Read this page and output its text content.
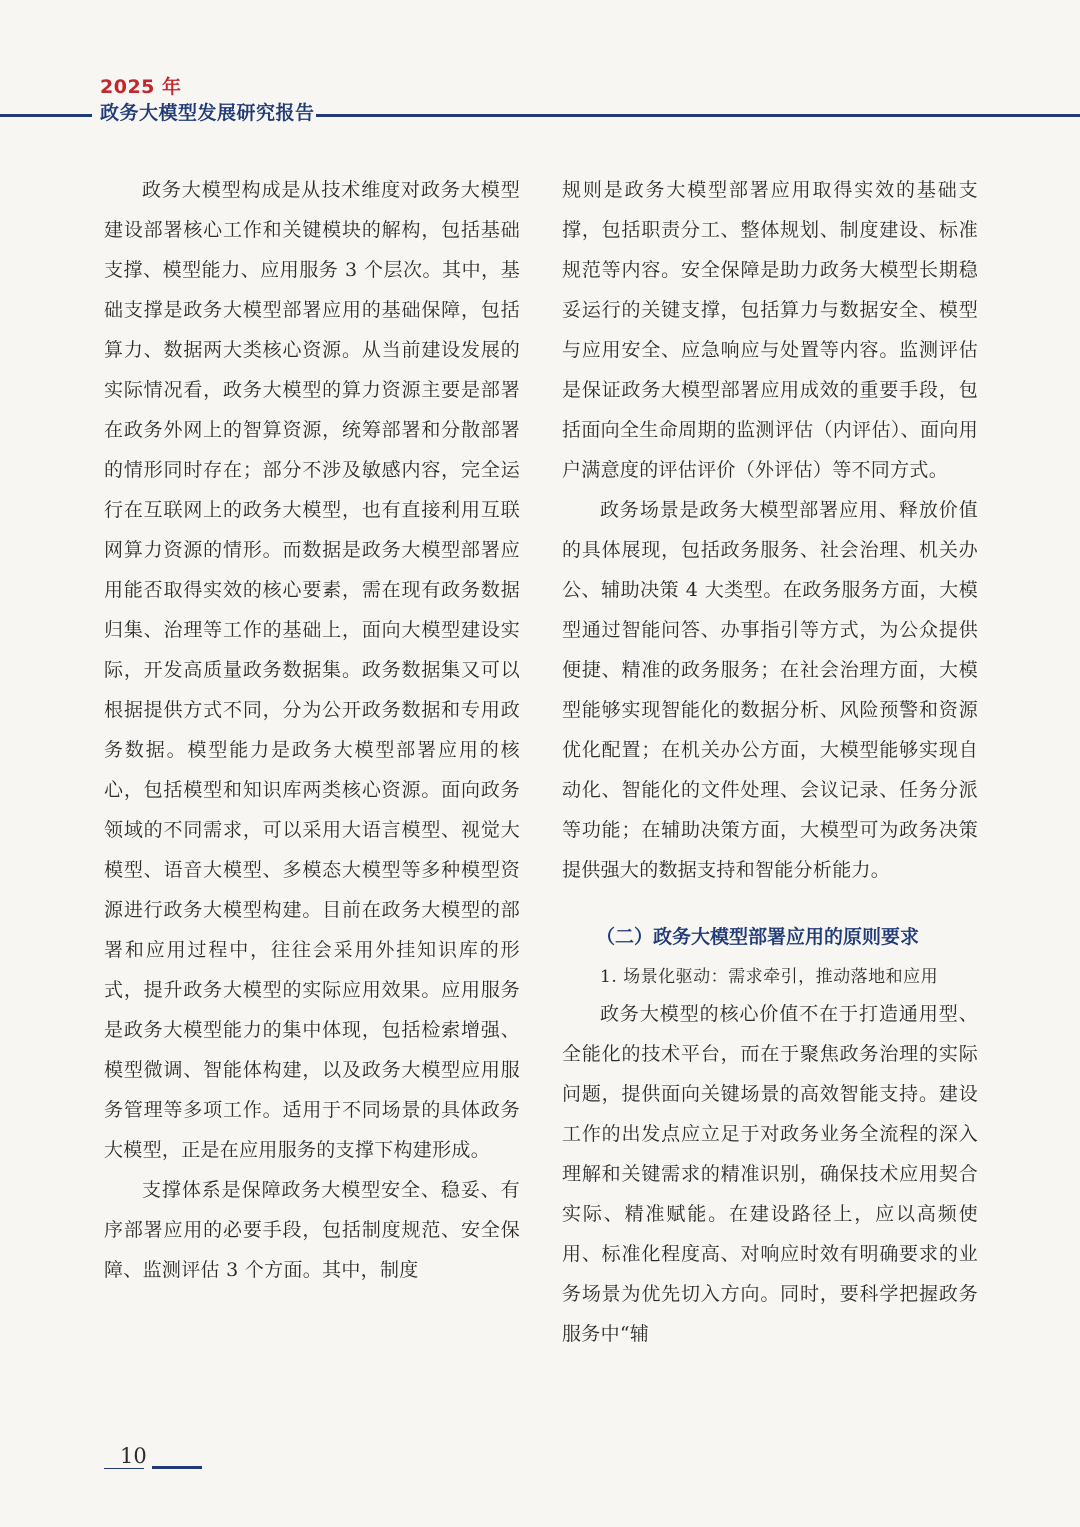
2025 年
政务大模型发展研究报告

政务大模型构成是从技术维度对政务大模型建设部署核心工作和关键模块的解构，包括基础支撑、模型能力、应用服务 3 个层次。其中，基础支撑是政务大模型部署应用的基础保障，包括算力、数据两大类核心资源。从当前建设发展的实际情况看，政务大模型的算力资源主要是部署在政务外网上的智算资源，统筹部署和分散部署的情形同时存在；部分不涉及敏感内容，完全运行在互联网上的政务大模型，也有直接利用互联网算力资源的情形。而数据是政务大模型部署应用能否取得实效的核心要素，需在现有政务数据归集、治理等工作的基础上，面向大模型建设实际，开发高质量政务数据集。政务数据集又可以根据提供方式不同，分为公开政务数据和专用政务数据。模型能力是政务大模型部署应用的核心，包括模型和知识库两类核心资源。面向政务领域的不同需求，可以采用大语言模型、视觉大模型、语音大模型、多模态大模型等多种模型资源进行政务大模型构建。目前在政务大模型的部署和应用过程中，往往会采用外挂知识库的形式，提升政务大模型的实际应用效果。应用服务是政务大模型能力的集中体现，包括检索增强、模型微调、智能体构建，以及政务大模型应用服务管理等多项工作。适用于不同场景的具体政务大模型，正是在应用服务的支撑下构建形成。

支撑体系是保障政务大模型安全、稳妥、有序部署应用的必要手段，包括制度规范、安全保障、监测评估 3 个方面。其中，制度

规则是政务大模型部署应用取得实效的基础支撑，包括职责分工、整体规划、制度建设、标准规范等内容。安全保障是助力政务大模型长期稳妥运行的关键支撑，包括算力与数据安全、模型与应用安全、应急响应与处置等内容。监测评估是保证政务大模型部署应用成效的重要手段，包括面向全生命周期的监测评估（内评估）、面向用户满意度的评估评价（外评估）等不同方式。

政务场景是政务大模型部署应用、释放价值的具体展现，包括政务服务、社会治理、机关办公、辅助决策 4 大类型。在政务服务方面，大模型通过智能问答、办事指引等方式，为公众提供便捷、精准的政务服务；在社会治理方面，大模型能够实现智能化的数据分析、风险预警和资源优化配置；在机关办公方面，大模型能够实现自动化、智能化的文件处理、会议记录、任务分派等功能；在辅助决策方面，大模型可为政务决策提供强大的数据支持和智能分析能力。

（二）政务大模型部署应用的原则要求
1. 场景化驱动：需求牵引，推动落地和应用

政务大模型的核心价值不在于打造通用型、全能化的技术平台，而在于聚焦政务治理的实际问题，提供面向关键场景的高效智能支持。建设工作的出发点应立足于对政务业务全流程的深入理解和关键需求的精准识别，确保技术应用契合实际、精准赋能。在建设路径上，应以高频使用、标准化程度高、对响应时效有明确要求的业务场景为优先切入方向。同时，要科学把握政务服务中“辅

10
